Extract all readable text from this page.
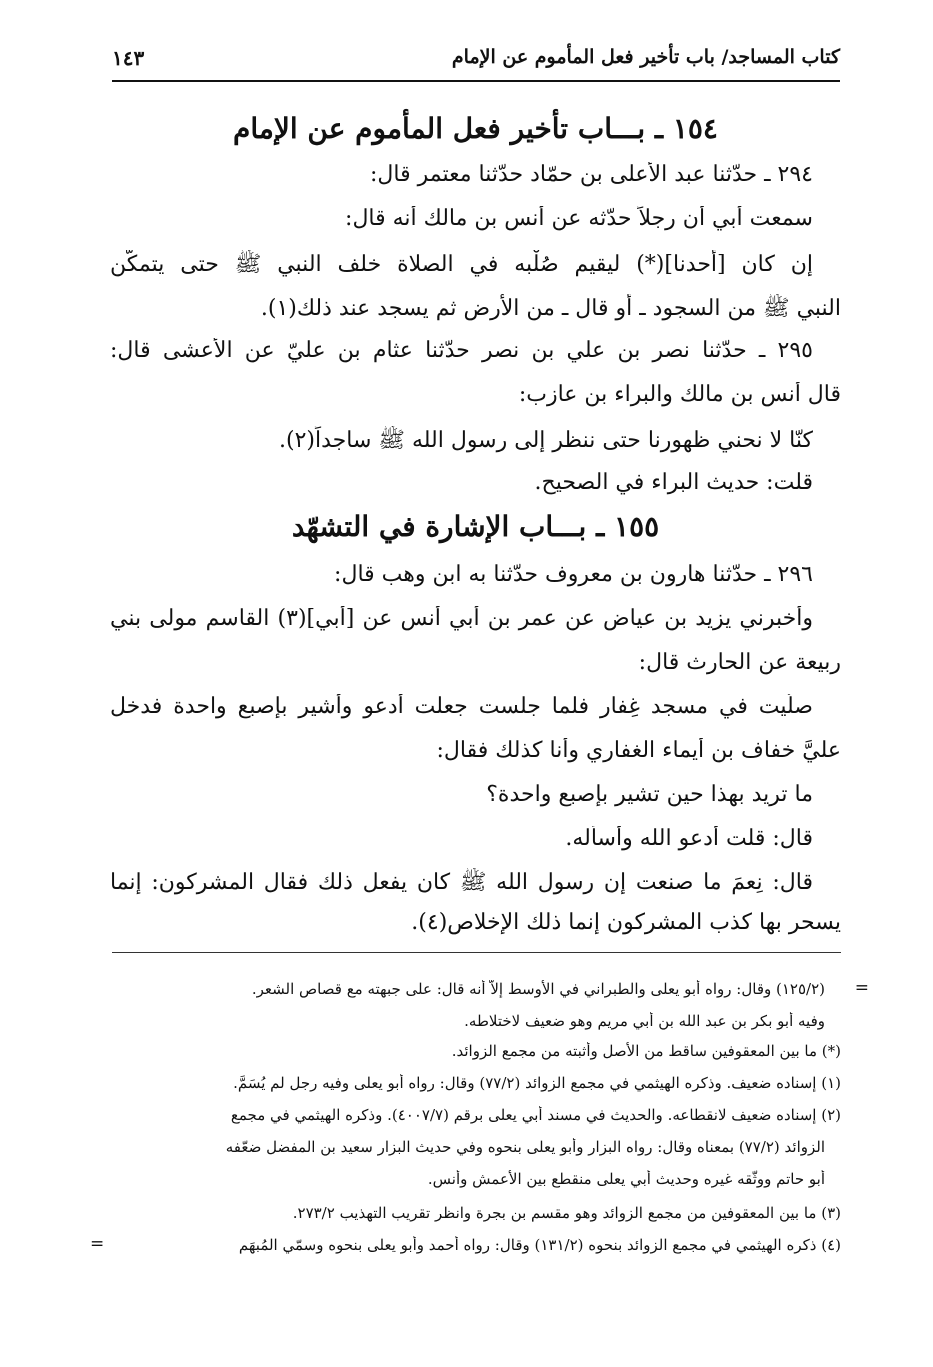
كتاب المساجد/ باب تأخير فعل المأموم عن الإمام
١٤٣
١٥٤ ـ بـــاب تأخير فعل المأموم عن الإمام
٢٩٤ ـ حدّثنا عبد الأعلى بن حمّاد حدّثنا معتمر قال:
سمعت أبي أن رجلاً حدّثه عن أنس بن مالك أنه قال:
إن كان [أحدنا](*) ليقيم صُلْبه في الصلاة خلف النبي ﷺ حتى يتمكّن
النبي ﷺ من السجود ـ أو قال ـ من الأرض ثم يسجد عند ذلك(١).
٢٩٥ ـ حدّثنا نصر بن علي بن نصر حدّثنا عثام بن عليّ عن الأعشى قال:
قال أنس بن مالك والبراء بن عازب:
كنّا لا نحني ظهورنا حتى ننظر إلى رسول الله ﷺ ساجداً(٢).
قلت: حديث البراء في الصحيح.
١٥٥ ـ بـــاب الإشارة في التشهّد
٢٩٦ ـ حدّثنا هارون بن معروف حدّثنا به ابن وهب قال:
وأخبرني يزيد بن عياض عن عمر بن أبي أنس عن [أبي](٣) القاسم مولى بني
ربيعة عن الحارث قال:
صلّيت في مسجد غِفار فلما جلست جعلت أدعو وأُشير بإصبع واحدة فدخل
عليَّ خفاف بن أيماء الغفاري وأنا كذلك فقال:
ما تريد بهذا حين تشير بإصبع واحدة؟
قال: قلت أدعو الله وأسأله.
قال: نِعمَ ما صنعت إن رسول الله ﷺ كان يفعل ذلك فقال المشركون: إنما
يسحر بها كذب المشركون إنما ذلك الإخلاص(٤).
=
(١٢٥/٢) وقال: رواه أبو يعلى والطبراني في الأوسط إلاّ أنه قال: على جبهته مع قصاص الشعر.
وفيه أبو بكر بن عبد الله بن أبي مريم وهو ضعيف لاختلاطه.
(*) ما بين المعقوفين ساقط من الأصل وأثبته من مجمع الزوائد.
(١) إسناده ضعيف. وذكره الهيثمي في مجمع الزوائد (٧٧/٢) وقال: رواه أبو يعلى وفيه رجل لم يُسَمَّ.
(٢) إسناده ضعيف لانقطاعه. والحديث في مسند أبي يعلى برقم (٤٠٠٧/٧). وذكره الهيثمي في مجمع
الزوائد (٧٧/٢) بمعناه وقال: رواه البزار وأبو يعلى بنحوه وفي حديث البزار سعيد بن المفضل ضعّفه
أبو حاتم ووثّقه غيره وحديث أبي يعلى منقطع بين الأعمش وأنس.
(٣) ما بين المعقوفين من مجمع الزوائد وهو مقسم بن بجرة وانظر تقريب التهذيب ٢٧٣/٢.
(٤) ذكره الهيثمي في مجمع الزوائد بنحوه (١٣١/٢) وقال: رواه أحمد وأبو يعلى بنحوه وسمّي المُبهَم
=
